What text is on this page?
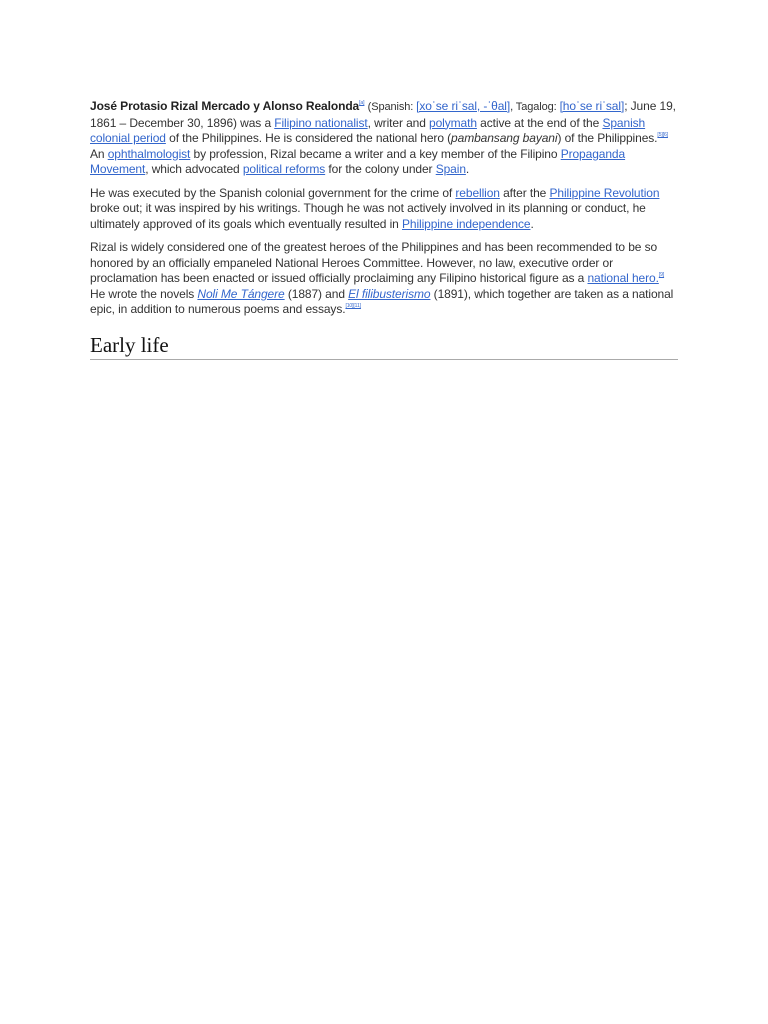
José Protasio Rizal Mercado y Alonso Realonda[a] (Spanish: [xoˈse riˈsal, -ˈθal], Tagalog: [hoˈse riˈsal]; June 19, 1861 – December 30, 1896) was a Filipino nationalist, writer and polymath active at the end of the Spanish colonial period of the Philippines. He is considered the national hero (pambansang bayani) of the Philippines.[5][6] An ophthalmologist by profession, Rizal became a writer and a key member of the Filipino Propaganda Movement, which advocated political reforms for the colony under Spain.

He was executed by the Spanish colonial government for the crime of rebellion after the Philippine Revolution broke out; it was inspired by his writings. Though he was not actively involved in its planning or conduct, he ultimately approved of its goals which eventually resulted in Philippine independence.

Rizal is widely considered one of the greatest heroes of the Philippines and has been recommended to be so honored by an officially empaneled National Heroes Committee. However, no law, executive order or proclamation has been enacted or issued officially proclaiming any Filipino historical figure as a national hero.[9] He wrote the novels Noli Me Tángere (1887) and El filibusterismo (1891), which together are taken as a national epic, in addition to numerous poems and essays.[10][11]

Early life
